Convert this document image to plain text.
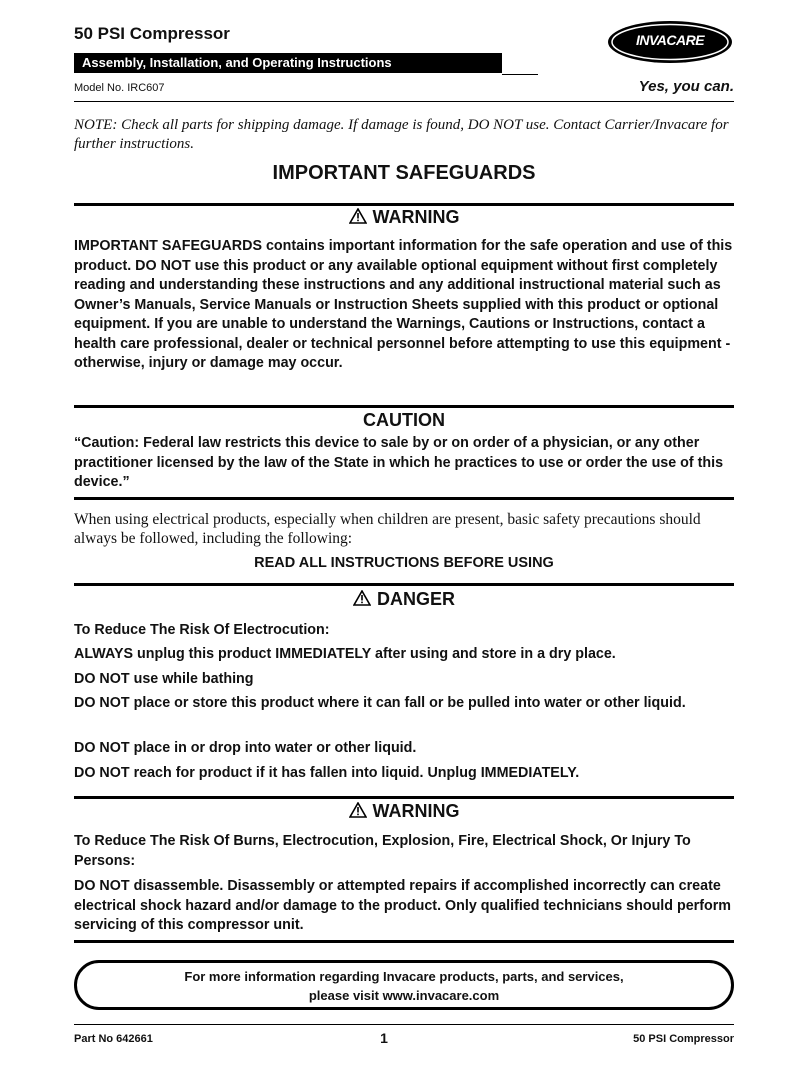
50 PSI Compressor
Assembly, Installation, and Operating Instructions
Model No. IRC607
INVACARE
Yes, you can.
NOTE: Check all parts for shipping damage. If damage is found, DO NOT use. Contact Carrier/Invacare for further instructions.
IMPORTANT SAFEGUARDS
WARNING

IMPORTANT SAFEGUARDS contains important information for the safe operation and use of this product. DO NOT use this product or any available optional equipment without first completely reading and understanding these instructions and any additional instructional material such as Owner’s Manuals, Service Manuals or Instruction Sheets supplied with this product or optional equipment. If you are unable to understand the Warnings, Cautions or Instructions, contact a health care professional, dealer or technical personnel before attempting to use this equipment - otherwise, injury or damage may occur.

CAUTION
“Caution: Federal law restricts this device to sale by or on order of a physician, or any other practitioner licensed by the law of the State in which he practices to use or order the use of this device.”
When using electrical products, especially when children are present, basic safety precautions should always be followed, including the following:
READ ALL INSTRUCTIONS BEFORE USING
DANGER
To Reduce The Risk Of Electrocution:
ALWAYS unplug this product IMMEDIATELY after using and store in a dry place.
DO NOT use while bathing
DO NOT place or store this product where it can fall or be pulled into water or other liquid.
DO NOT place in or drop into water or other liquid.
DO NOT reach for product if it has fallen into liquid. Unplug IMMEDIATELY.
WARNING
To Reduce The Risk Of Burns, Electrocution, Explosion, Fire, Electrical Shock, Or Injury To Persons:
DO NOT disassemble. Disassembly or attempted repairs if accomplished incorrectly can create electrical shock hazard and/or damage to the product. Only qualified technicians should perform servicing of this compressor unit.
For more information regarding Invacare products, parts, and services,
please visit www.invacare.com
Part No 642661	1	50 PSI Compressor
